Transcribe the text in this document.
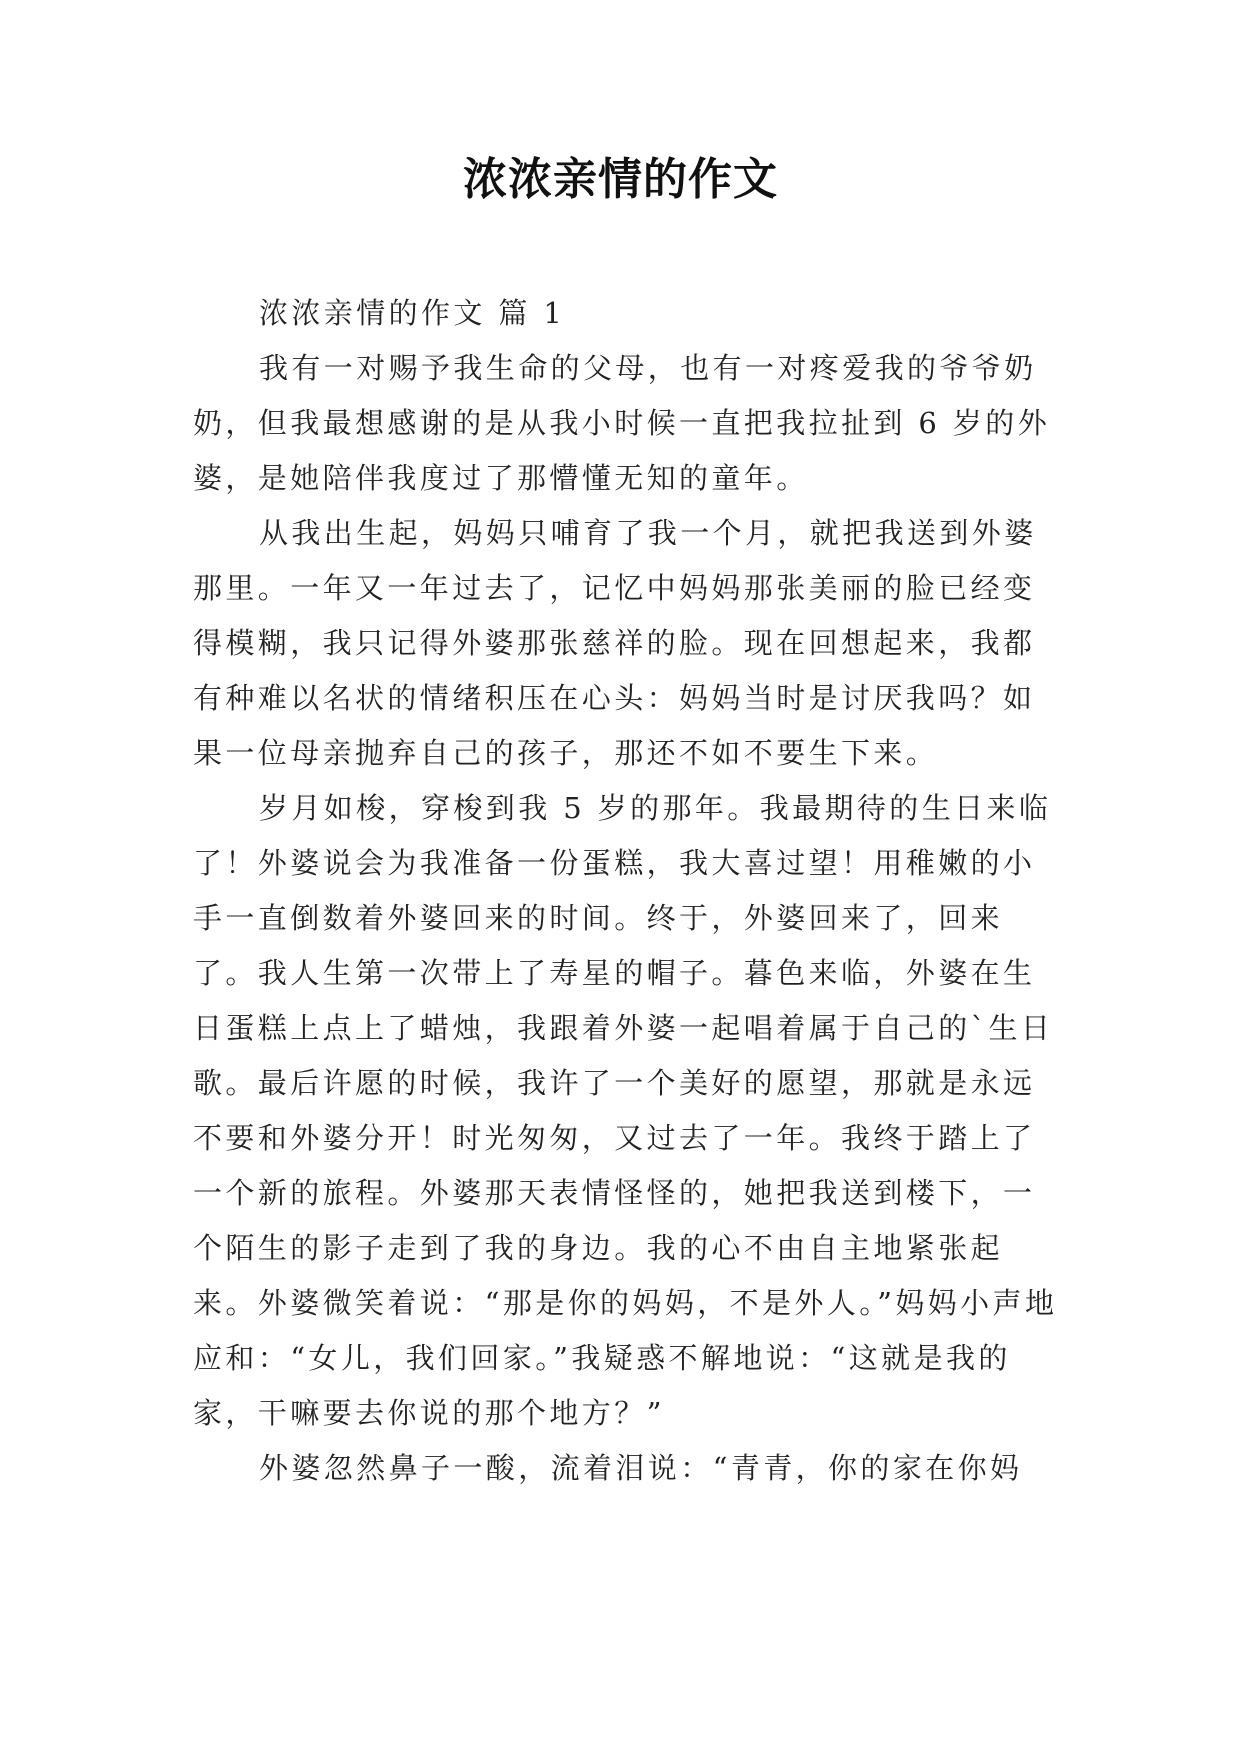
浓浓亲情的作文

浓浓亲情的作文 篇 1

我有一对赐予我生命的父母，也有一对疼爱我的爷爷奶奶，但我最想感谢的是从我小时候一直把我拉扯到 6 岁的外婆，是她陪伴我度过了那懵懂无知的童年。

从我出生起，妈妈只哺育了我一个月，就把我送到外婆那里。一年又一年过去了，记忆中妈妈那张美丽的脸已经变得模糊，我只记得外婆那张慈祥的脸。现在回想起来，我都有种难以名状的情绪积压在心头：妈妈当时是讨厌我吗？如果一位母亲抛弃自己的孩子，那还不如不要生下来。

岁月如梭，穿梭到我 5 岁的那年。我最期待的生日来临了！外婆说会为我准备一份蛋糕，我大喜过望！用稚嫩的小手一直倒数着外婆回来的时间。终于，外婆回来了，回来了。我人生第一次带上了寿星的帽子。暮色来临，外婆在生日蛋糕上点上了蜡烛，我跟着外婆一起唱着属于自己的`生日歌。最后许愿的时候，我许了一个美好的愿望，那就是永远不要和外婆分开！时光匆匆，又过去了一年。我终于踏上了一个新的旅程。外婆那天表情怪怪的，她把我送到楼下，一个陌生的影子走到了我的身边。我的心不由自主地紧张起来。外婆微笑着说：“那是你的妈妈，不是外人。”妈妈小声地应和：“女儿，我们回家。”我疑惑不解地说：“这就是我的家，干嘛要去你说的那个地方？”

外婆忽然鼻子一酸，流着泪说：“青青，你的家在你妈
